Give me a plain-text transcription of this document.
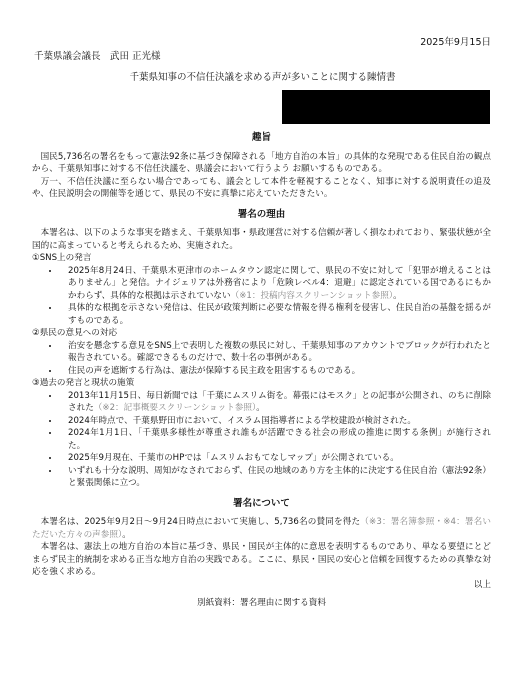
2025年9月15日
千葉県議会議長　武田 正光様
千葉県知事の不信任決議を求める声が多いことに関する陳情書
趣旨

国民5,736名の署名をもって憲法92条に基づき保障される「地方自治の本旨」の具体的な発現である住民自治の観点から、千葉県知事に対する不信任決議を、県議会において行うよう お願いするものである。

万一、不信任決議に至らない場合であっても、議会として本件を軽視することなく、知事に対する説明責任の追及や、住民説明会の開催等を通じて、県民の不安に真摯に応えていただきたい。

署名の理由

本署名は、以下のような事実を踏まえ、千葉県知事・県政運営に対する信頼が著しく損なわれており、緊張状態が全国的に高まっていると考えられるため、実施された。

①SNS上の発言
• 2025年8月24日、千葉県木更津市のホームタウン認定に関して、県民の不安に対して「犯罪が増えることはありません」と発信。ナイジェリアは外務省により「危険レベル4：退避」に認定されている国であるにもかかわらず、具体的な根拠は示されていない（※1：投稿内容スクリーンショット参照）。
• 具体的な根拠を示さない発信は、住民が政策判断に必要な情報を得る権利を侵害し、住民自治の基盤を揺るがすものである。
②県民の意見への対応
• 治安を懸念する意見をSNS上で表明した複数の県民に対し、千葉県知事のアカウントでブロックが行われたと報告されている。確認できるものだけで、数十名の事例がある。
• 住民の声を遮断する行為は、憲法が保障する民主政を阻害するものである。
③過去の発言と現状の施策
• 2013年11月15日、毎日新聞では「千葉にムスリム街を。幕張にはモスク」との記事が公開され、のちに削除された（※2：記事概要スクリーンショット参照）。
• 2024年時点で、千葉県野田市において、イスラム国指導者による学校建設が検討された。
• 2024年1月1日、「千葉県多様性が尊重され誰もが活躍できる社会の形成の推進に関する条例」が施行された。
• 2025年9月現在、千葉市のHPでは「ムスリムおもてなしマップ」が公開されている。
• いずれも十分な説明、周知がなされておらず、住民の地域のあり方を主体的に決定する住民自治（憲法92条）と緊張関係に立つ。
署名について

本署名は、2025年9月2日～9月24日時点において実施し、5,736名の賛同を得た（※3：署名簿参照・※4：署名いただいた方々の声参照）。

本署名は、憲法上の地方自治の本旨に基づき、県民・国民が主体的に意思を表明するものであり、単なる要望にとどまらず民主的統制を求める正当な地方自治の実践である。ここに、県民・国民の安心と信頼を回復するための真摯な対応を強く求める。

以上
別紙資料：署名理由に関する資料
